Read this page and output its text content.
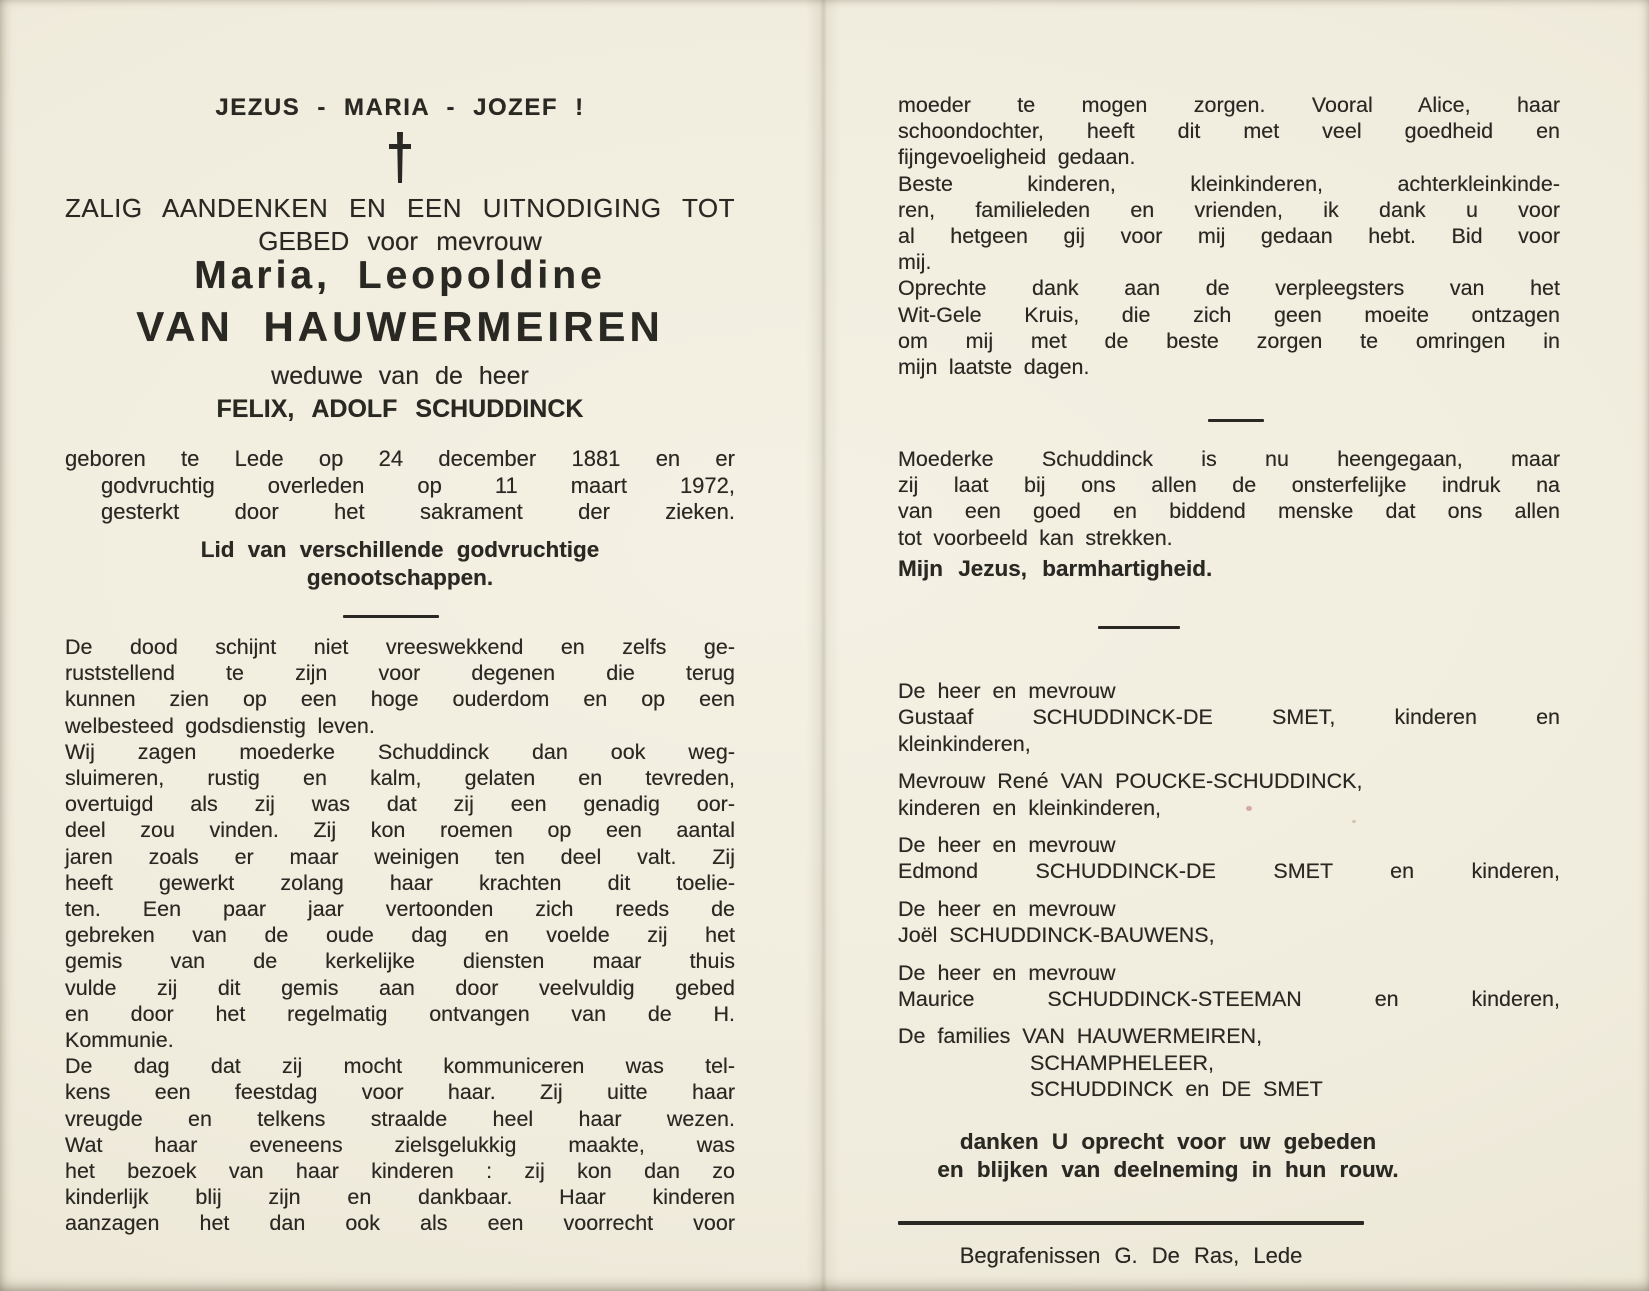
JEZUS - MARIA - JOZEF !
ZALIG AANDENKEN EN EEN UITNODIGING TOT
GEBED voor mevrouw
Maria, Leopoldine
VAN HAUWERMEIREN
weduwe van de heer
FELIX, ADOLF SCHUDDINCK
geboren te Lede op 24 december 1881 en er
godvruchtig overleden op 11 maart 1972,
gesterkt door het sakrament der zieken.
Lid van verschillende godvruchtige
genootschappen.
De dood schijnt niet vreeswekkend en zelfs ge-
ruststellend te zijn voor degenen die terug
kunnen zien op een hoge ouderdom en op een
welbesteed godsdienstig leven.
Wij zagen moederke Schuddinck dan ook weg-
sluimeren, rustig en kalm, gelaten en tevreden,
overtuigd als zij was dat zij een genadig oor-
deel zou vinden. Zij kon roemen op een aantal
jaren zoals er maar weinigen ten deel valt. Zij
heeft gewerkt zolang haar krachten dit toelie-
ten. Een paar jaar vertoonden zich reeds de
gebreken van de oude dag en voelde zij het
gemis van de kerkelijke diensten maar thuis
vulde zij dit gemis aan door veelvuldig gebed
en door het regelmatig ontvangen van de H.
Kommunie.
De dag dat zij mocht kommuniceren was tel-
kens een feestdag voor haar. Zij uitte haar
vreugde en telkens straalde heel haar wezen.
Wat haar eveneens zielsgelukkig maakte, was
het bezoek van haar kinderen : zij kon dan zo
kinderlijk blij zijn en dankbaar. Haar kinderen
aanzagen het dan ook als een voorrecht voor
moeder te mogen zorgen. Vooral Alice, haar
schoondochter, heeft dit met veel goedheid en
fijngevoeligheid gedaan.
Beste kinderen, kleinkinderen, achterkleinkinde-
ren, familieleden en vrienden, ik dank u voor
al hetgeen gij voor mij gedaan hebt. Bid voor
mij.
Oprechte dank aan de verpleegsters van het
Wit-Gele Kruis, die zich geen moeite ontzagen
om mij met de beste zorgen te omringen in
mijn laatste dagen.
Moederke Schuddinck is nu heengegaan, maar
zij laat bij ons allen de onsterfelijke indruk na
van een goed en biddend menske dat ons allen
tot voorbeeld kan strekken.
Mijn Jezus, barmhartigheid.
De heer en mevrouw
Gustaaf SCHUDDINCK-DE SMET, kinderen en
kleinkinderen,
Mevrouw René VAN POUCKE-SCHUDDINCK,
kinderen en kleinkinderen,
De heer en mevrouw
Edmond SCHUDDINCK-DE SMET en kinderen,
De heer en mevrouw
Joël SCHUDDINCK-BAUWENS,
De heer en mevrouw
Maurice SCHUDDINCK-STEEMAN en kinderen,
De families VAN HAUWERMEIREN,
SCHAMPHELEER,
SCHUDDINCK en DE SMET
danken U oprecht voor uw gebeden
en blijken van deelneming in hun rouw.
Begrafenissen G. De Ras, Lede
